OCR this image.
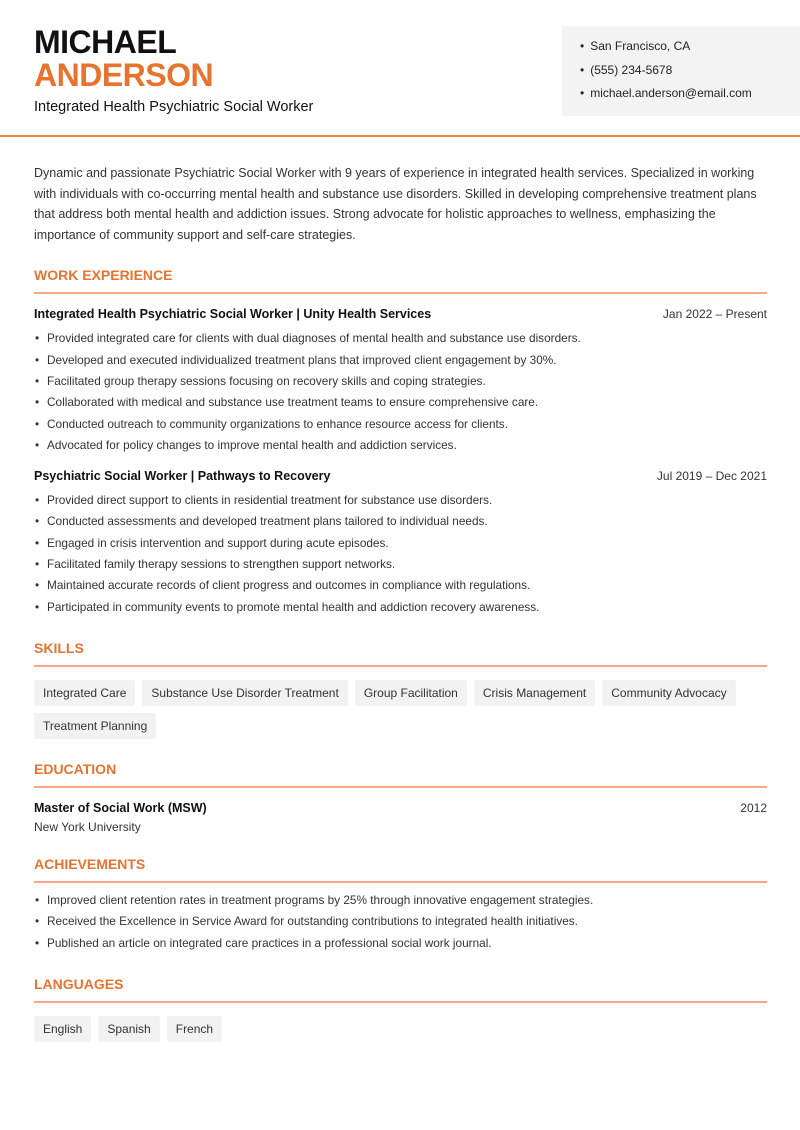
MICHAEL
ANDERSON
Integrated Health Psychiatric Social Worker
• San Francisco, CA
• (555) 234-5678
• michael.anderson@email.com

Dynamic and passionate Psychiatric Social Worker with 9 years of experience in integrated health services. Specialized in working with individuals with co-occurring mental health and substance use disorders. Skilled in developing comprehensive treatment plans that address both mental health and addiction issues. Strong advocate for holistic approaches to wellness, emphasizing the importance of community support and self-care strategies.

WORK EXPERIENCE
Integrated Health Psychiatric Social Worker | Unity Health Services	Jan 2022 – Present
• Provided integrated care for clients with dual diagnoses of mental health and substance use disorders.
• Developed and executed individualized treatment plans that improved client engagement by 30%.
• Facilitated group therapy sessions focusing on recovery skills and coping strategies.
• Collaborated with medical and substance use treatment teams to ensure comprehensive care.
• Conducted outreach to community organizations to enhance resource access for clients.
• Advocated for policy changes to improve mental health and addiction services.
Psychiatric Social Worker | Pathways to Recovery	Jul 2019 – Dec 2021
• Provided direct support to clients in residential treatment for substance use disorders.
• Conducted assessments and developed treatment plans tailored to individual needs.
• Engaged in crisis intervention and support during acute episodes.
• Facilitated family therapy sessions to strengthen support networks.
• Maintained accurate records of client progress and outcomes in compliance with regulations.
• Participated in community events to promote mental health and addiction recovery awareness.
SKILLS
Integrated Care	Substance Use Disorder Treatment	Group Facilitation	Crisis Management	Community Advocacy
Treatment Planning
EDUCATION
Master of Social Work (MSW)	2012
New York University
ACHIEVEMENTS
• Improved client retention rates in treatment programs by 25% through innovative engagement strategies.
• Received the Excellence in Service Award for outstanding contributions to integrated health initiatives.
• Published an article on integrated care practices in a professional social work journal.
LANGUAGES
English	Spanish	French
